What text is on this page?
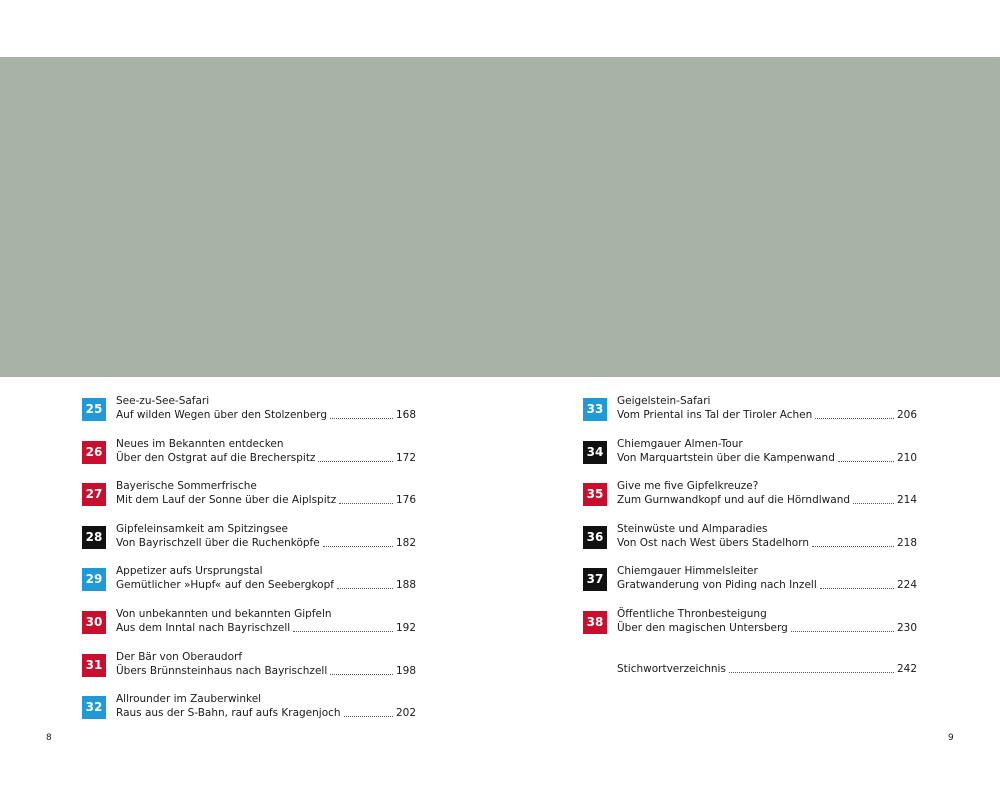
25
See-zu-See-Safari
Auf wilden Wegen über den Stolzenberg	168
26
Neues im Bekannten entdecken
Über den Ostgrat auf die Brecherspitz	172
27
Bayerische Sommerfrische
Mit dem Lauf der Sonne über die Aiplspitz	176
28
Gipfeleinsamkeit am Spitzingsee
Von Bayrischzell über die Ruchenköpfe	182
29
Appetizer aufs Ursprungstal
Gemütlicher »Hupf« auf den Seebergkopf	188
30
Von unbekannten und bekannten Gipfeln
Aus dem Inntal nach Bayrischzell	192
31
Der Bär von Oberaudorf
Übers Brünnsteinhaus nach Bayrischzell	198
32
Allrounder im Zauberwinkel
Raus aus der S-Bahn, rauf aufs Kragenjoch	202
33
Geigelstein-Safari
Vom Priental ins Tal der Tiroler Achen	206
34
Chiemgauer Almen-Tour
Von Marquartstein über die Kampenwand	210
35
Give me five Gipfelkreuze?
Zum Gurnwandkopf und auf die Hörndlwand	214
36
Steinwüste und Almparadies
Von Ost nach West übers Stadelhorn	218
37
Chiemgauer Himmelsleiter
Gratwanderung von Piding nach Inzell	224
38
Öffentliche Thronbesteigung
Über den magischen Untersberg	230
Stichwortverzeichnis	242
8	9
